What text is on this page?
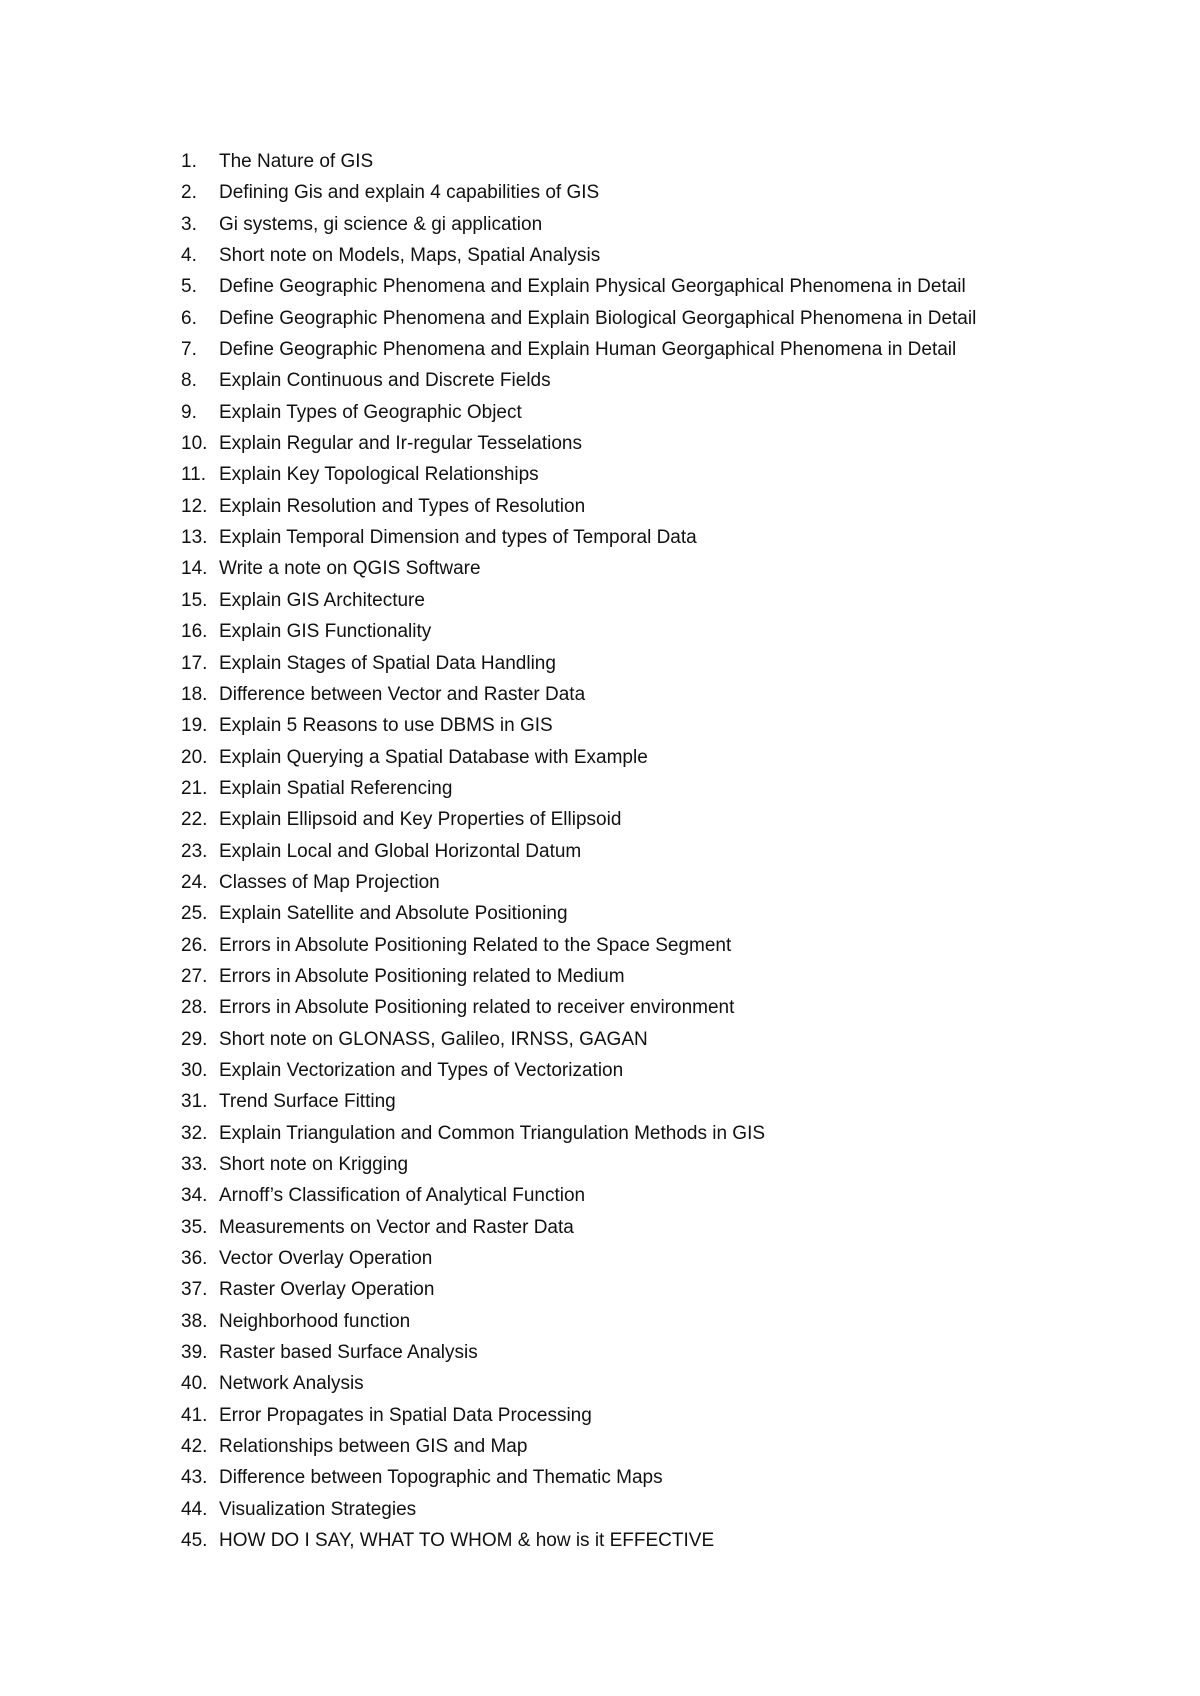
1.	The Nature of GIS
2.	Defining Gis and explain 4 capabilities of GIS
3.	Gi systems, gi science & gi application
4.	Short note on Models, Maps, Spatial Analysis
5.	Define Geographic Phenomena and Explain Physical Georgaphical Phenomena in Detail
6.	Define Geographic Phenomena and Explain Biological Georgaphical Phenomena in Detail
7.	Define Geographic Phenomena and Explain Human Georgaphical Phenomena in Detail
8.	Explain Continuous and Discrete Fields
9.	Explain Types of Geographic Object
10. Explain Regular and Ir-regular Tesselations
11. Explain Key Topological Relationships
12. Explain Resolution and Types of Resolution
13. Explain Temporal Dimension and types of Temporal Data
14. Write a note on QGIS Software
15. Explain GIS Architecture
16. Explain GIS Functionality
17. Explain Stages of Spatial Data Handling
18. Difference between Vector and Raster Data
19. Explain 5 Reasons to use DBMS in GIS
20. Explain Querying a Spatial Database with Example
21. Explain Spatial Referencing
22. Explain Ellipsoid and Key Properties of Ellipsoid
23. Explain Local and Global Horizontal Datum
24. Classes of Map Projection
25. Explain Satellite and Absolute Positioning
26. Errors in Absolute Positioning Related to the Space Segment
27. Errors in Absolute Positioning related to Medium
28. Errors in Absolute Positioning related to receiver environment
29. Short note on GLONASS, Galileo, IRNSS, GAGAN
30. Explain Vectorization and Types of Vectorization
31. Trend Surface Fitting
32. Explain Triangulation and Common Triangulation Methods in GIS
33. Short note on Krigging
34. Arnoff’s Classification of Analytical Function
35. Measurements on Vector and Raster Data
36. Vector Overlay Operation
37. Raster Overlay Operation
38. Neighborhood function
39. Raster based Surface Analysis
40. Network Analysis
41. Error Propagates in Spatial Data Processing
42. Relationships between GIS and Map
43. Difference between Topographic and Thematic Maps
44. Visualization Strategies
45. HOW DO I SAY, WHAT TO WHOM & how is it EFFECTIVE
